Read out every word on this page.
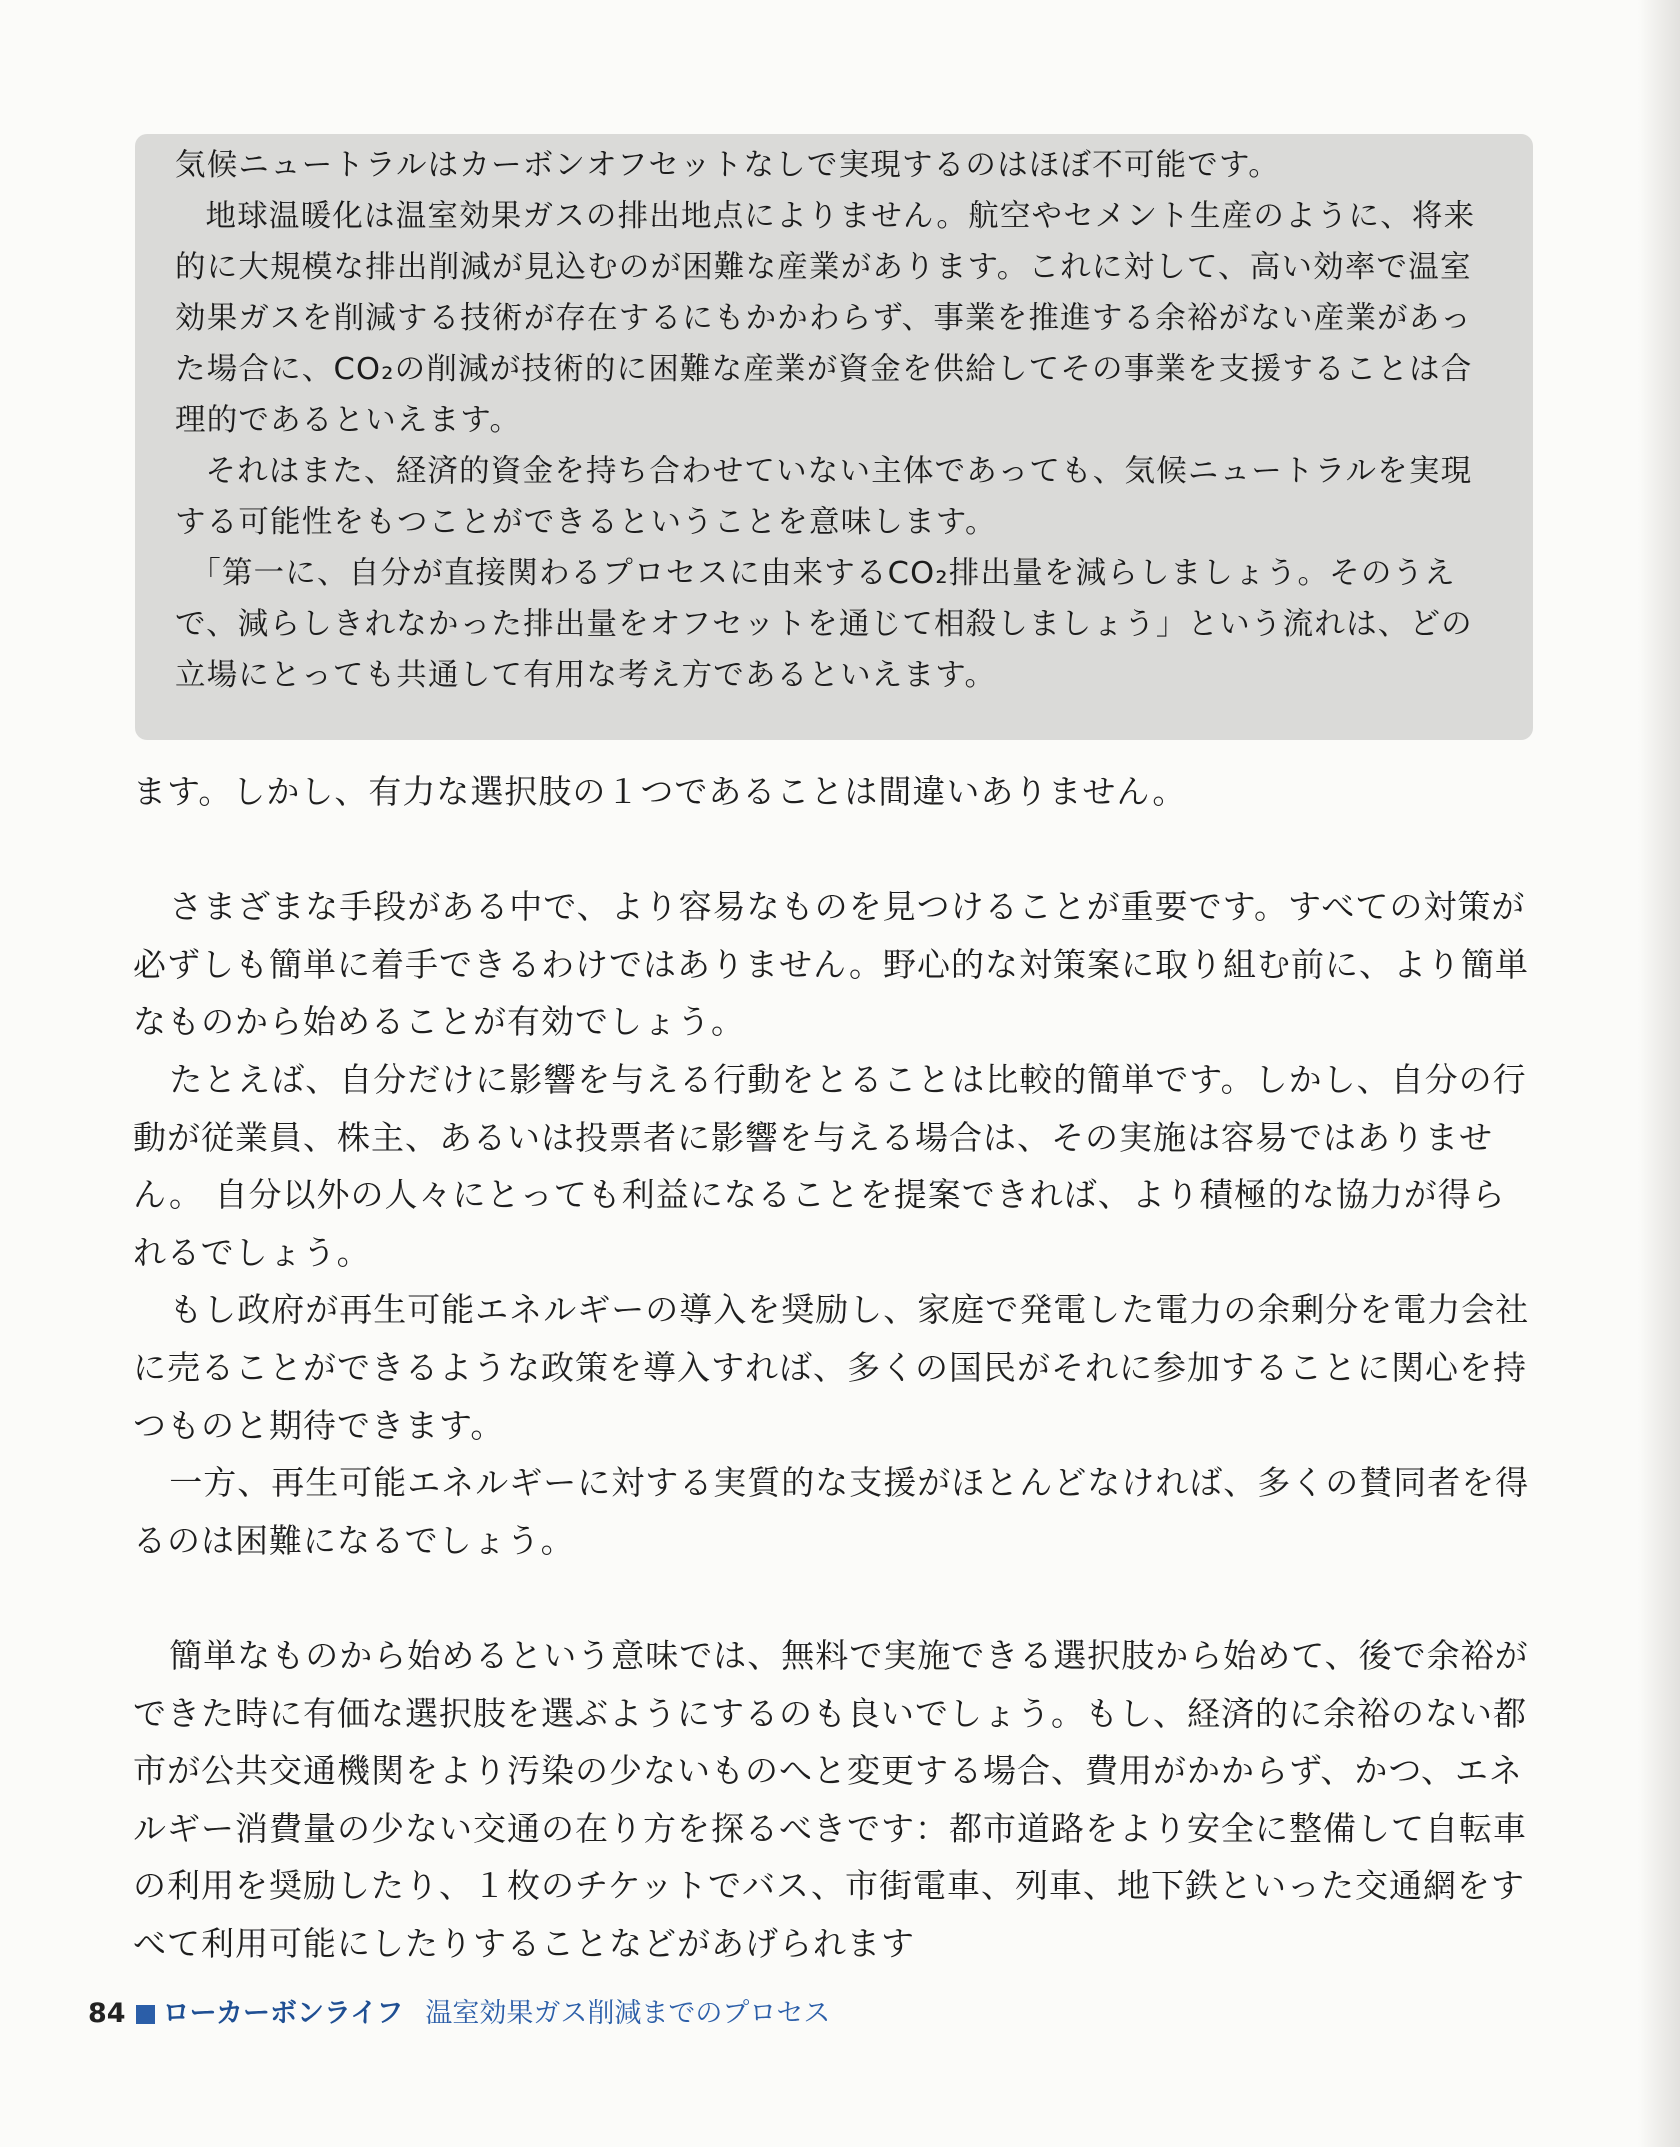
気候ニュートラルはカーボンオフセットなしで実現するのはほぼ不可能です。

地球温暖化は温室効果ガスの排出地点によりません。航空やセメント生産のように、将来的に大規模な排出削減が見込むのが困難な産業があります。これに対して、高い効率で温室効果ガスを削減する技術が存在するにもかかわらず、事業を推進する余裕がない産業があった場合に、CO₂の削減が技術的に困難な産業が資金を供給してその事業を支援することは合理的であるといえます。

それはまた、経済的資金を持ち合わせていない主体であっても、気候ニュートラルを実現する可能性をもつことができるということを意味します。

「第一に、自分が直接関わるプロセスに由来するCO₂排出量を減らしましょう。そのうえで、減らしきれなかった排出量をオフセットを通じて相殺しましょう」という流れは、どの立場にとっても共通して有用な考え方であるといえます。

ます。しかし、有力な選択肢の１つであることは間違いありません。

さまざまな手段がある中で、より容易なものを見つけることが重要です。すべての対策が必ずしも簡単に着手できるわけではありません。野心的な対策案に取り組む前に、より簡単なものから始めることが有効でしょう。

たとえば、自分だけに影響を与える行動をとることは比較的簡単です。しかし、自分の行動が従業員、株主、あるいは投票者に影響を与える場合は、その実施は容易ではありません。 自分以外の人々にとっても利益になることを提案できれば、より積極的な協力が得られるでしょう。

もし政府が再生可能エネルギーの導入を奨励し、家庭で発電した電力の余剰分を電力会社に売ることができるような政策を導入すれば、多くの国民がそれに参加することに関心を持つものと期待できます。

一方、再生可能エネルギーに対する実質的な支援がほとんどなければ、多くの賛同者を得るのは困難になるでしょう。

簡単なものから始めるという意味では、無料で実施できる選択肢から始めて、後で余裕ができた時に有価な選択肢を選ぶようにするのも良いでしょう。もし、経済的に余裕のない都市が公共交通機関をより汚染の少ないものへと変更する場合、費用がかからず、かつ、エネルギー消費量の少ない交通の在り方を探るべきです：都市道路をより安全に整備して自転車の利用を奨励したり、１枚のチケットでバス、市街電車、列車、地下鉄といった交通網をすべて利用可能にしたりすることなどがあげられます

84 ローカーボンライフ 温室効果ガス削減までのプロセス
